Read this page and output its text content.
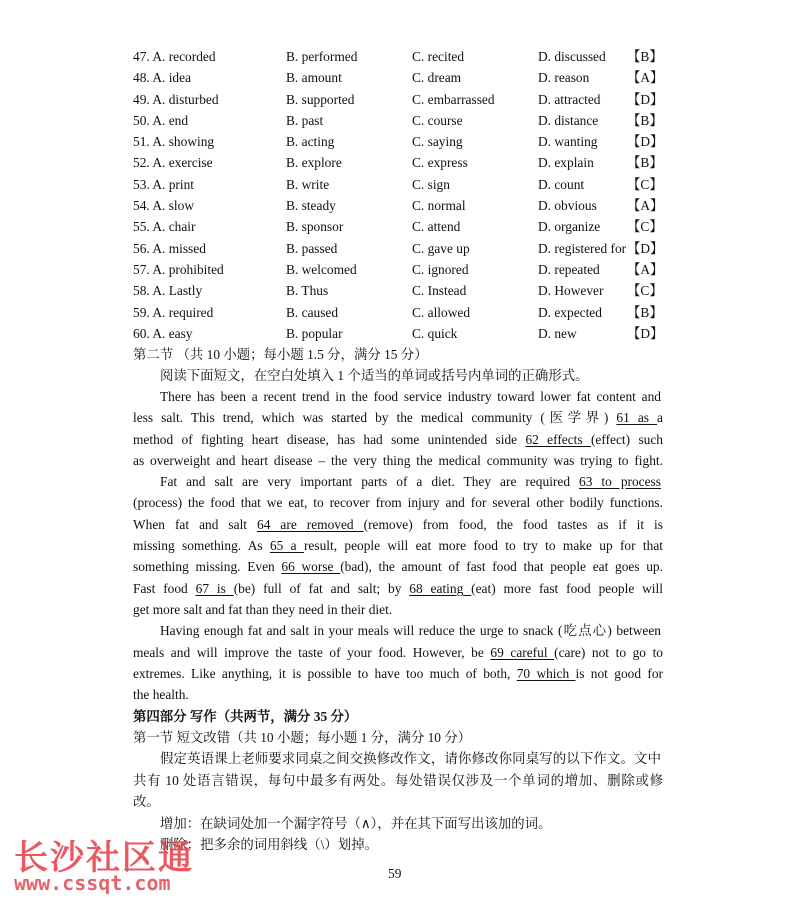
47. A. recorded	B. performed	C. recited	D. discussed 【B】
48. A. idea	B. amount	C. dream	D. reason	【A】
49. A. disturbed	B. supported	C. embarrassed	D. attracted 【D】
50. A. end	B. past	C. course	D. distance 【B】
51. A. showing	B. acting	C. saying	D. wanting 【D】
52. A. exercise	B. explore	C. express	D. explain 【B】
53. A. print	B. write	C. sign	D. count	【C】
54. A. slow	B. steady	C. normal	D. obvious 【A】
55. A. chair	B. sponsor	C. attend	D. organize 【C】
56. A. missed	B. passed	C. gave up	D. registered for 【D】
57. A. prohibited	B. welcomed	C. ignored	D. repeated 【A】
58. A. Lastly	B. Thus	C. Instead	D. However 【C】
59. A. required	B. caused	C. allowed	D. expected 【B】
60. A. easy	B. popular	C. quick	D. new	【D】
第二节 （共 10 小题；每小题 1.5 分，满分 15 分）
阅读下面短文，在空白处填入 1 个适当的单词或括号内单词的正确形式。
There has been a recent trend in the food service industry toward lower fat content and
less salt. This trend, which was started by the medical community (医学界) 61 as a
method of fighting heart disease, has had some unintended side 62 effects (effect) such
as overweight and heart disease – the very thing the medical community was trying to fight.
Fat and salt are very important parts of a diet. They are required 63 to process
(process) the food that we eat, to recover from injury and for several other bodily functions.
When fat and salt 64 are removed (remove) from food, the food tastes as if it is
missing something. As 65 a result, people will eat more food to try to make up for that
something missing. Even 66 worse (bad), the amount of fast food that people eat goes up.
Fast food 67 is (be) full of fat and salt; by 68 eating (eat) more fast food people will
get more salt and fat than they need in their diet.
Having enough fat and salt in your meals will reduce the urge to snack (吃点心) between
meals and will improve the taste of your food. However, be 69 careful (care) not to go to
extremes. Like anything, it is possible to have too much of both, 70 which is not good for
the health.
第四部分 写作（共两节，满分 35 分）
第一节 短文改错（共 10 小题；每小题 1 分，满分 10 分）
假定英语课上老师要求同桌之间交换修改作文，请你修改你同桌写的以下作文。文中
共有 10 处语言错误，每句中最多有两处。每处错误仅涉及一个单词的增加、删除或修
改。
增加：在缺词处加一个漏字符号（∧），并在其下面写出该加的词。
删除：把多余的词用斜线（\）划掉。
59
长沙社区通
www.cssqt.com
